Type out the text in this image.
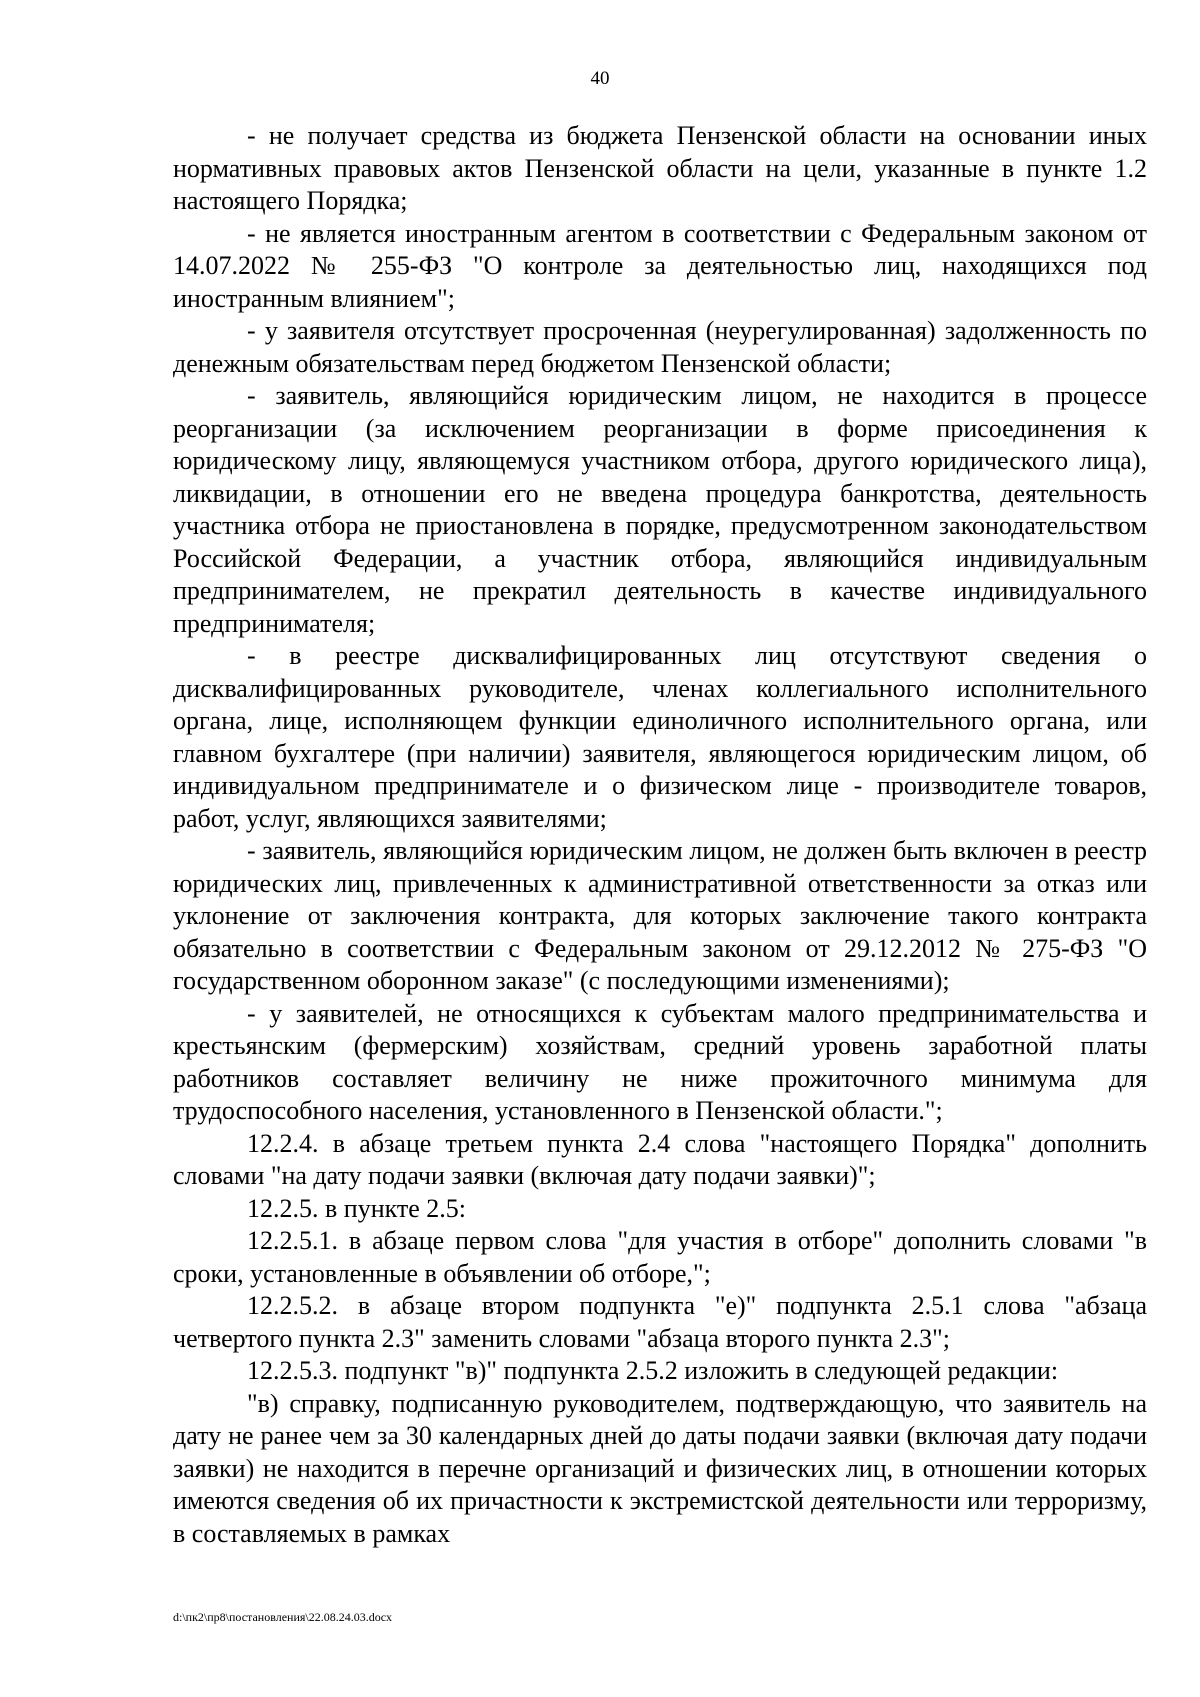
40

- не получает средства из бюджета Пензенской области на основании иных нормативных правовых актов Пензенской области на цели, указанные в пункте 1.2 настоящего Порядка;

- не является иностранным агентом в соответствии с Федеральным законом от 14.07.2022 № 255-ФЗ "О контроле за деятельностью лиц, находящихся под иностранным влиянием";

- у заявителя отсутствует просроченная (неурегулированная) задолженность по денежным обязательствам перед бюджетом Пензенской области;

- заявитель, являющийся юридическим лицом, не находится в процессе реорганизации (за исключением реорганизации в форме присоединения к юридическому лицу, являющемуся участником отбора, другого юридического лица), ликвидации, в отношении его не введена процедура банкротства, деятельность участника отбора не приостановлена в порядке, предусмотренном законодательством Российской Федерации, а участник отбора, являющийся индивидуальным предпринимателем, не прекратил деятельность в качестве индивидуального предпринимателя;

- в реестре дисквалифицированных лиц отсутствуют сведения о дисквалифицированных руководителе, членах коллегиального исполнительного органа, лице, исполняющем функции единоличного исполнительного органа, или главном бухгалтере (при наличии) заявителя, являющегося юридическим лицом, об индивидуальном предпринимателе и о физическом лице - производителе товаров, работ, услуг, являющихся заявителями;

- заявитель, являющийся юридическим лицом, не должен быть включен в реестр юридических лиц, привлеченных к административной ответственности за отказ или уклонение от заключения контракта, для которых заключение такого контракта обязательно в соответствии с Федеральным законом от 29.12.2012 № 275-ФЗ "О государственном оборонном заказе" (с последующими изменениями);

- у заявителей, не относящихся к субъектам малого предпринимательства и крестьянским (фермерским) хозяйствам, средний уровень заработной платы работников составляет величину не ниже прожиточного минимума для трудоспособного населения, установленного в Пензенской области.";

12.2.4. в абзаце третьем пункта 2.4 слова "настоящего Порядка" дополнить словами "на дату подачи заявки (включая дату подачи заявки)";

12.2.5. в пункте 2.5:

12.2.5.1. в абзаце первом слова "для участия в отборе" дополнить словами "в сроки, установленные в объявлении об отборе,";

12.2.5.2. в абзаце втором подпункта "е)" подпункта 2.5.1 слова "абзаца четвертого пункта 2.3" заменить словами "абзаца второго пункта 2.3";

12.2.5.3. подпункт "в)" подпункта 2.5.2 изложить в следующей редакции:

"в) справку, подписанную руководителем, подтверждающую, что заявитель на дату не ранее чем за 30 календарных дней до даты подачи заявки (включая дату подачи заявки) не находится в перечне организаций и физических лиц, в отношении которых имеются сведения об их причастности к экстремистской деятельности или терроризму, в составляемых в рамках

d:\пк2\пр8\постановления\22.08.24.03.docx
